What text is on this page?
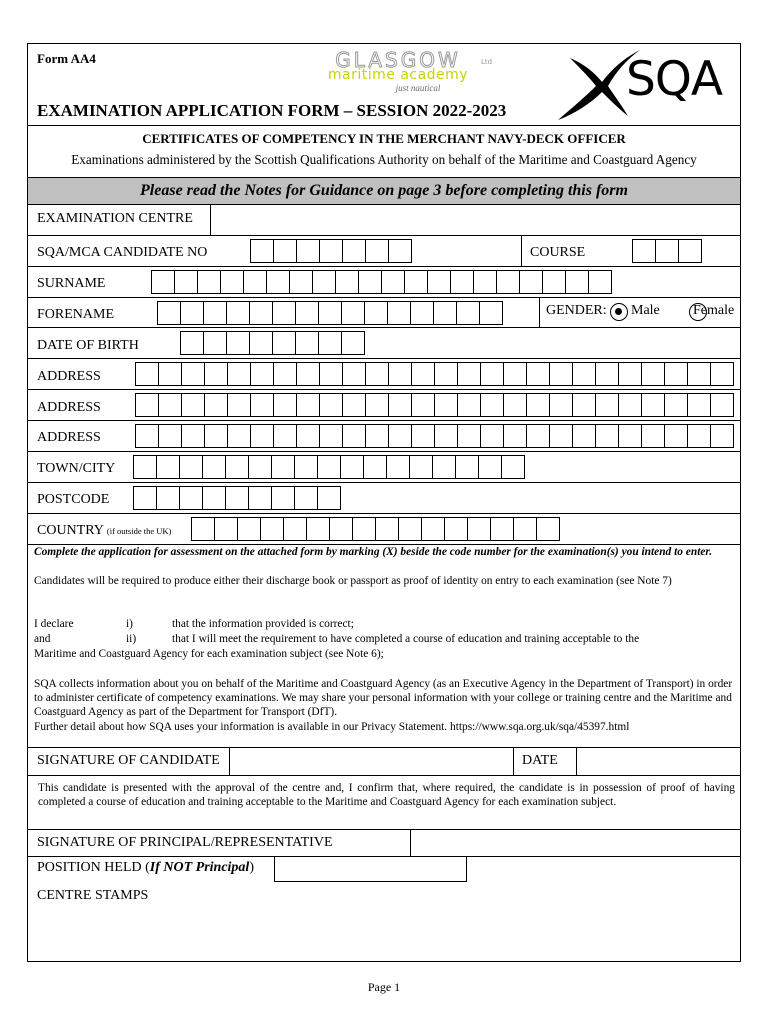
Form AA4	GLASGOW	Ltd
maritime academy
just nautical	SQA
EXAMINATION APPLICATION FORM – SESSION 2022-2023
CERTIFICATES OF COMPETENCY IN THE MERCHANT NAVY-DECK OFFICER
Examinations administered by the Scottish Qualifications Authority on behalf of the Maritime and Coastguard Agency
Please read the Notes for Guidance on page 3 before completing this form
EXAMINATION CENTRE
SQA/MCA CANDIDATE NO	COURSE
SURNAME
FORENAME	GENDER:
Male Female
DATE OF BIRTH
ADDRESS
ADDRESS
ADDRESS
TOWN/CITY
POSTCODE
COUNTRY (if outside the UK)
Complete the application for assessment on the attached form by marking (X) beside the code number for the examination(s) you intend to enter.
Candidates will be required to produce either their discharge book or passport as proof of identity on entry to each examination (see Note 7)
I declare	i)	that the information provided is correct;
and	ii)	that I will meet the requirement to have completed a course of education and training acceptable to the
Maritime and Coastguard Agency for each examination subject (see Note 6);
SQA collects information about you on behalf of the Maritime and Coastguard Agency (as an Executive Agency in the Department of Transport) in order to administer certificate of competency examinations. We may share your personal information with your college or training centre and the Maritime and Coastguard Agency as part of the Department for Transport (DfT).
Further detail about how SQA uses your information is available in our Privacy Statement. https://www.sqa.org.uk/sqa/45397.html
SIGNATURE OF CANDIDATE	DATE
This candidate is presented with the approval of the centre and, I confirm that, where required, the candidate is in possession of proof of having completed a course of education and training acceptable to the Maritime and Coastguard Agency for each examination subject.
SIGNATURE OF PRINCIPAL/REPRESENTATIVE
POSITION HELD (If NOT Principal)
CENTRE STAMPS
Page 1
